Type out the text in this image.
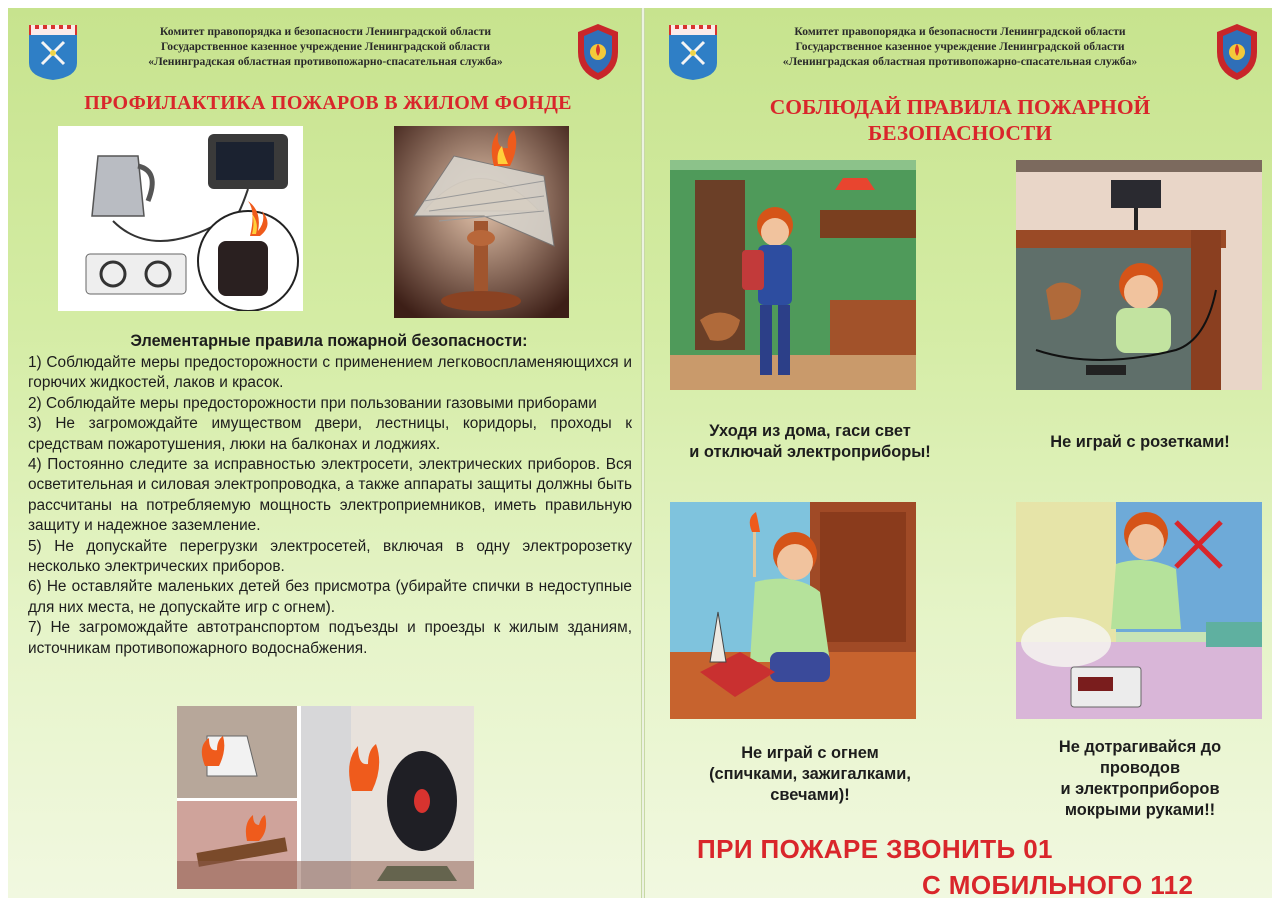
Комитет правопорядка и безопасности Ленинградской области
Государственное казенное учреждение Ленинградской области
«Ленинградская областная противопожарно-спасательная служба»
ПРОФИЛАКТИКА ПОЖАРОВ В ЖИЛОМ ФОНДЕ
Элементарные правила пожарной безопасности:

1) Соблюдайте меры предосторожности с применением легковоспламеняющихся и горючих жидкостей, лаков и красок.

2) Соблюдайте меры предосторожности при пользовании газовыми приборами

3) Не загромождайте имуществом двери, лестницы, коридоры, проходы к средствам пожаротушения, люки на балконах и лоджиях.

4) Постоянно следите за исправностью электросети, электрических приборов. Вся осветительная и силовая электропроводка, а также аппараты защиты должны быть рассчитаны на потребляемую мощность электроприемников, иметь правильную защиту и надежное заземление.

5) Не допускайте перегрузки электросетей, включая в одну электророзетку несколько электрических приборов.

6) Не оставляйте маленьких детей без присмотра (убирайте спички в недоступные для них места, не допускайте игр с огнем).

7) Не загромождайте автотранспортом подъезды и проезды к жилым зданиям, источникам противопожарного водоснабжения.

Комитет правопорядка и безопасности Ленинградской области
Государственное казенное учреждение Ленинградской области
«Ленинградская областная противопожарно-спасательная служба»
СОБЛЮДАЙ ПРАВИЛА ПОЖАРНОЙ
БЕЗОПАСНОСТИ
Уходя из дома, гаси свет
и отключай электроприборы!
Не играй с розетками!
Не играй с огнем
(спичками, зажигалками,
свечами)!
Не дотрагивайся до
проводов
и электроприборов
мокрыми руками!!
ПРИ ПОЖАРЕ ЗВОНИТЬ 01
С МОБИЛЬНОГО 112
